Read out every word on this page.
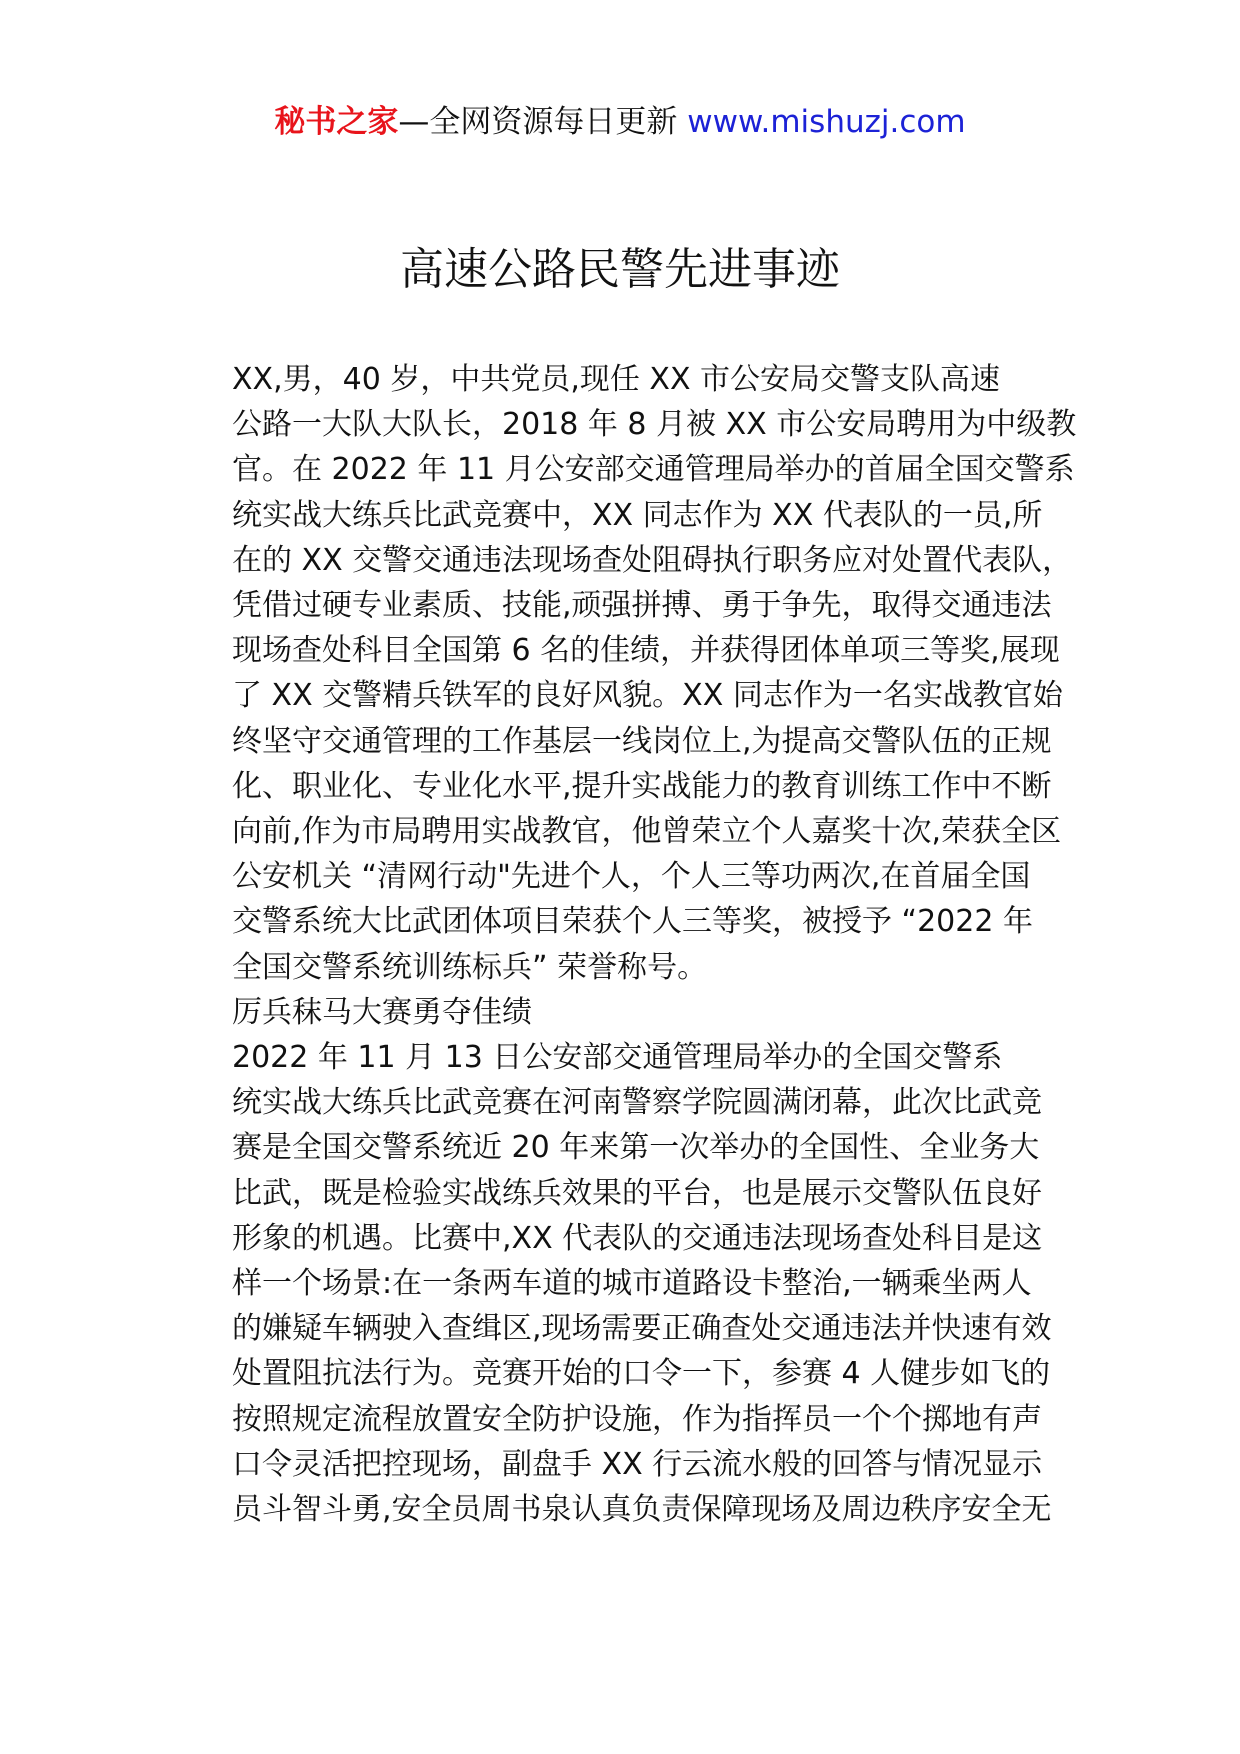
秘书之家—全网资源每日更新 www.mishuzj.com
高速公路民警先进事迹

XX,男，40 岁，中共党员,现任 XX 市公安局交警支队高速
公路一大队大队长，2018 年 8 月被 XX 市公安局聘用为中级教
官。在 2022 年 11 月公安部交通管理局举办的首届全国交警系
统实战大练兵比武竞赛中，XX 同志作为 XX 代表队的一员,所
在的 XX 交警交通违法现场查处阻碍执行职务应对处置代表队，
凭借过硬专业素质、技能,顽强拼搏、勇于争先，取得交通违法
现场查处科目全国第 6 名的佳绩，并获得团体单项三等奖,展现
了 XX 交警精兵铁军的良好风貌。XX 同志作为一名实战教官始
终坚守交通管理的工作基层一线岗位上,为提高交警队伍的正规
化、职业化、专业化水平,提升实战能力的教育训练工作中不断
向前,作为市局聘用实战教官，他曾荣立个人嘉奖十次,荣获全区
公安机关 “清网行动"先进个人，个人三等功两次,在首届全国
交警系统大比武团体项目荣获个人三等奖，被授予 “2022 年
全国交警系统训练标兵” 荣誉称号。

厉兵秣马大赛勇夺佳绩

2022 年 11 月 13 日公安部交通管理局举办的全国交警系
统实战大练兵比武竞赛在河南警察学院圆满闭幕，此次比武竞
赛是全国交警系统近 20 年来第一次举办的全国性、全业务大
比武，既是检验实战练兵效果的平台，也是展示交警队伍良好
形象的机遇。比赛中,XX 代表队的交通违法现场查处科目是这
样一个场景:在一条两车道的城市道路设卡整治,一辆乘坐两人
的嫌疑车辆驶入查缉区,现场需要正确查处交通违法并快速有效
处置阻抗法行为。竞赛开始的口令一下，参赛 4 人健步如飞的
按照规定流程放置安全防护设施，作为指挥员一个个掷地有声
口令灵活把控现场，副盘手 XX 行云流水般的回答与情况显示
员斗智斗勇,安全员周书泉认真负责保障现场及周边秩序安全无
